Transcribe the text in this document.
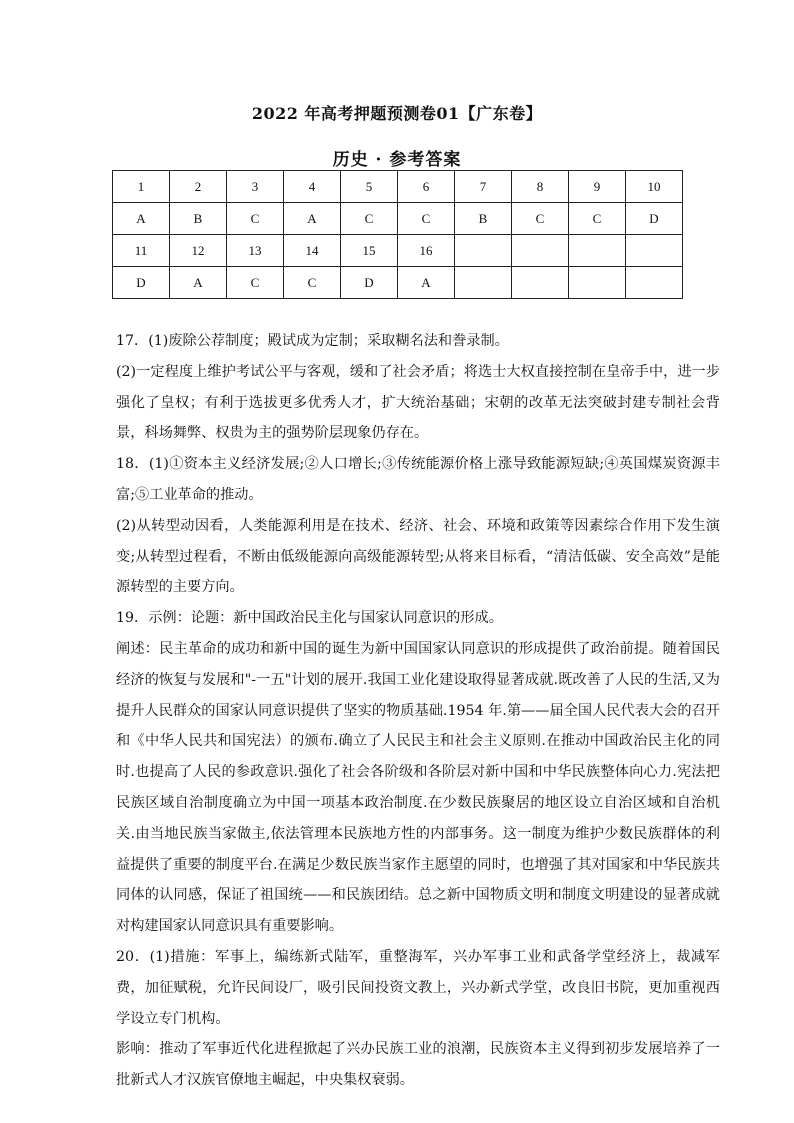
2022 年高考押题预测卷01【广东卷】
历史 · 参考答案
1	2	3	4	5	6	7	8	9	10
A	B	C	A	C	C	B	C	C	D
11	12	13	14	15	16				
D	A	C	C	D	A				

17．(1)废除公荐制度；殿试成为定制；采取糊名法和誊录制。

(2)一定程度上维护考试公平与客观，缓和了社会矛盾；将选士大权直接控制在皇帝手中，进一步强化了皇权；有利于选拔更多优秀人才，扩大统治基础；宋朝的改革无法突破封建专制社会背景，科场舞弊、权贵为主的强势阶层现象仍存在。

18．(1)①资本主义经济发展;②人口增长;③传统能源价格上涨导致能源短缺;④英国煤炭资源丰富;⑤工业革命的推动。

(2)从转型动因看，人类能源利用是在技术、经济、社会、环境和政策等因素综合作用下发生演变;从转型过程看，不断由低级能源向高级能源转型;从将来目标看，“清洁低碳、安全高效”是能源转型的主要方向。

19．示例：论题：新中国政治民主化与国家认同意识的形成。

阐述：民主革命的成功和新中国的诞生为新中国国家认同意识的形成提供了政治前提。随着国民经济的恢复与发展和"-一五"计划的展开.我国工业化建设取得显著成就.既改善了人民的生活,又为提升人民群众的国家认同意识提供了坚实的物质基础.1954 年.第——届全国人民代表大会的召开和《中华人民共和国宪法）的颁布.确立了人民民主和社会主义原则.在推动中国政治民主化的同时.也提高了人民的参政意识.强化了社会各阶级和各阶层对新中国和中华民族整体向心力.宪法把民族区域自治制度确立为中国一项基本政治制度.在少数民族聚居的地区设立自治区域和自治机关.由当地民族当家做主,依法管理本民族地方性的内部事务。这一制度为维护少数民族群体的利益提供了重要的制度平台.在满足少数民族当家作主愿望的同时，也增强了其对国家和中华民族共同体的认同感，保证了祖国统——和民族团结。总之新中国物质文明和制度文明建设的显著成就对构建国家认同意识具有重要影响。

20．(1)措施：军事上，编练新式陆军，重整海军，兴办军事工业和武备学堂经济上，裁减军费，加征赋税，允许民间设厂，吸引民间投资文教上，兴办新式学堂，改良旧书院，更加重视西学设立专门机构。

影响：推动了军事近代化进程掀起了兴办民族工业的浪潮，民族资本主义得到初步发展培养了一批新式人才汉族官僚地主崛起，中央集权衰弱。
